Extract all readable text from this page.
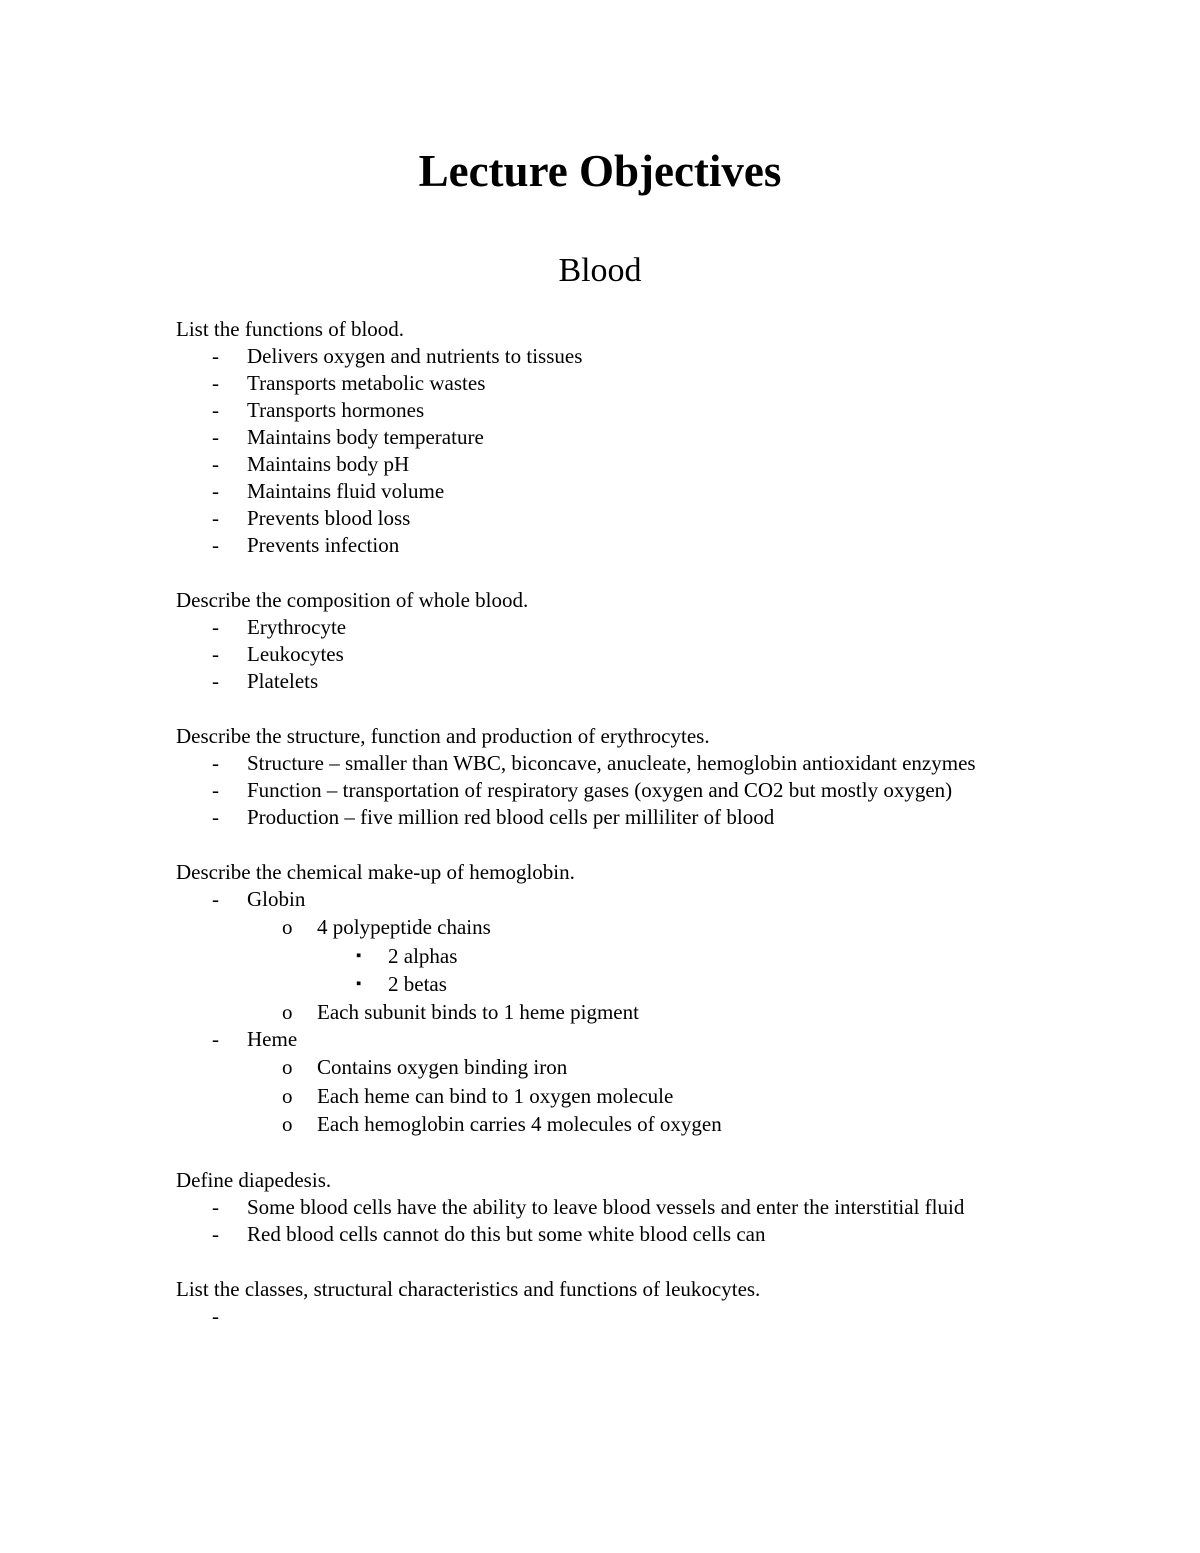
Lecture Objectives
Blood

List the functions of blood.

- Delivers oxygen and nutrients to tissues
- Transports metabolic wastes
- Transports hormones
- Maintains body temperature
- Maintains body pH
- Maintains fluid volume
- Prevents blood loss
- Prevents infection

Describe the composition of whole blood.

- Erythrocyte
- Leukocytes
- Platelets

Describe the structure, function and production of erythrocytes.

- Structure – smaller than WBC, biconcave, anucleate, hemoglobin antioxidant enzymes
- Function – transportation of respiratory gases (oxygen and CO2 but mostly oxygen)
- Production – five million red blood cells per milliliter of blood

Describe the chemical make-up of hemoglobin.

- Globin
o 4 polypeptide chains
▪ 2 alphas
▪ 2 betas
o Each subunit binds to 1 heme pigment
- Heme
o Contains oxygen binding iron
o Each heme can bind to 1 oxygen molecule
o Each hemoglobin carries 4 molecules of oxygen

Define diapedesis.

- Some blood cells have the ability to leave blood vessels and enter the interstitial fluid
- Red blood cells cannot do this but some white blood cells can

List the classes, structural characteristics and functions of leukocytes.

-
